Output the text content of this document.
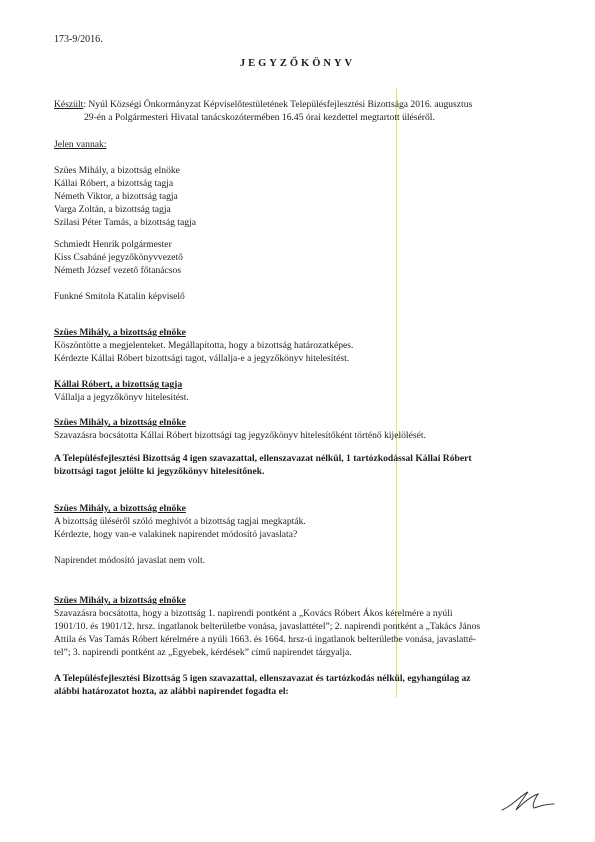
173-9/2016.
JEGYZŐKÖNYV
Készült: Nyúl Községi Önkormányzat Képviselőtestületének Településfejlesztési Bizottsága 2016. augusztus
29-én a Polgármesteri Hivatal tanácskozótermében 16.45 órai kezdettel megtartott üléséről.
Jelen vannak:
Szües Mihály, a bizottság elnöke
Kállai Róbert, a bizottság tagja
Németh Viktor, a bizottság tagja
Varga Zoltán, a bizottság tagja
Szilasi Péter Tamás, a bizottság tagja
Schmiedt Henrik polgármester
Kiss Csabáné jegyzőkönyvvezető
Németh József vezető főtanácsos
Funkné Smitola Katalin képviselő
Szües Mihály, a bizottság elnöke
Köszöntötte a megjelenteket. Megállapította, hogy a bizottság határozatképes.
Kérdezte Kállai Róbert bizottsági tagot, vállalja-e a jegyzőkönyv hitelesítést.
Kállai Róbert, a bizottság tagja
Vállalja a jegyzőkönyv hitelesítést.
Szües Mihály, a bizottság elnöke
Szavazásra bocsátotta Kállai Róbert bizottsági tag jegyzőkönyv hitelesítőként történő kijelölését.
A Településfejlesztési Bizottság 4 igen szavazattal, ellenszavazat nélkül, 1 tartózkodással Kállai Róbert
bizottsági tagot jelölte ki jegyzőkönyv hitelesítőnek.
Szües Mihály, a bizottság elnöke
A bizottság üléséről szóló meghívót a bizottság tagjai megkapták.
Kérdezte, hogy van-e valakinek napirendet módosító javaslata?
Napirendet módosító javaslat nem volt.
Szües Mihály, a bizottság elnöke
Szavazásra bocsátotta, hogy a bizottság 1. napirendi pontként a „Kovács Róbert Ákos kérelmére a nyúli
1901/10. és 1901/12. hrsz. ingatlanok belterületbe vonása, javaslattétel”; 2. napirendi pontként a „Takács János
Attila és Vas Tamás Róbert kérelmére a nyúli 1663. és 1664. hrsz-ú ingatlanok belterületbe vonása, javaslatté-
tel”; 3. napirendi pontként az „Egyebek, kérdések” című napirendet tárgyalja.
A Településfejlesztési Bizottság 5 igen szavazattal, ellenszavazat és tartózkodás nélkül, egyhangúlag az
alábbi határozatot hozta, az alábbi napirendet fogadta el:
